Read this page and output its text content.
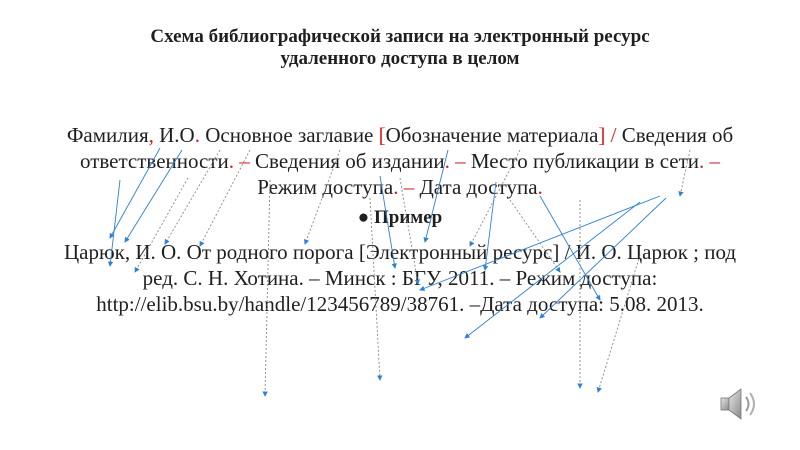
Схема библиографической записи на электронный ресурс
удаленного доступа в целом
Фамилия, И.О. Основное заглавие [Обозначение материала] / Сведения об ответственности. – Сведения об издании. – Место публикации в сети. – Режим доступа. – Дата доступа.
● Пример
Царюк, И. О. От родного порога [Электронный ресурс] / И. О. Царюк ; под ред. С. Н. Хотина. – Минск : БГУ, 2011. – Режим доступа: http://elib.bsu.by/handle/123456789/38761. –Дата доступа: 5.08. 2013.
